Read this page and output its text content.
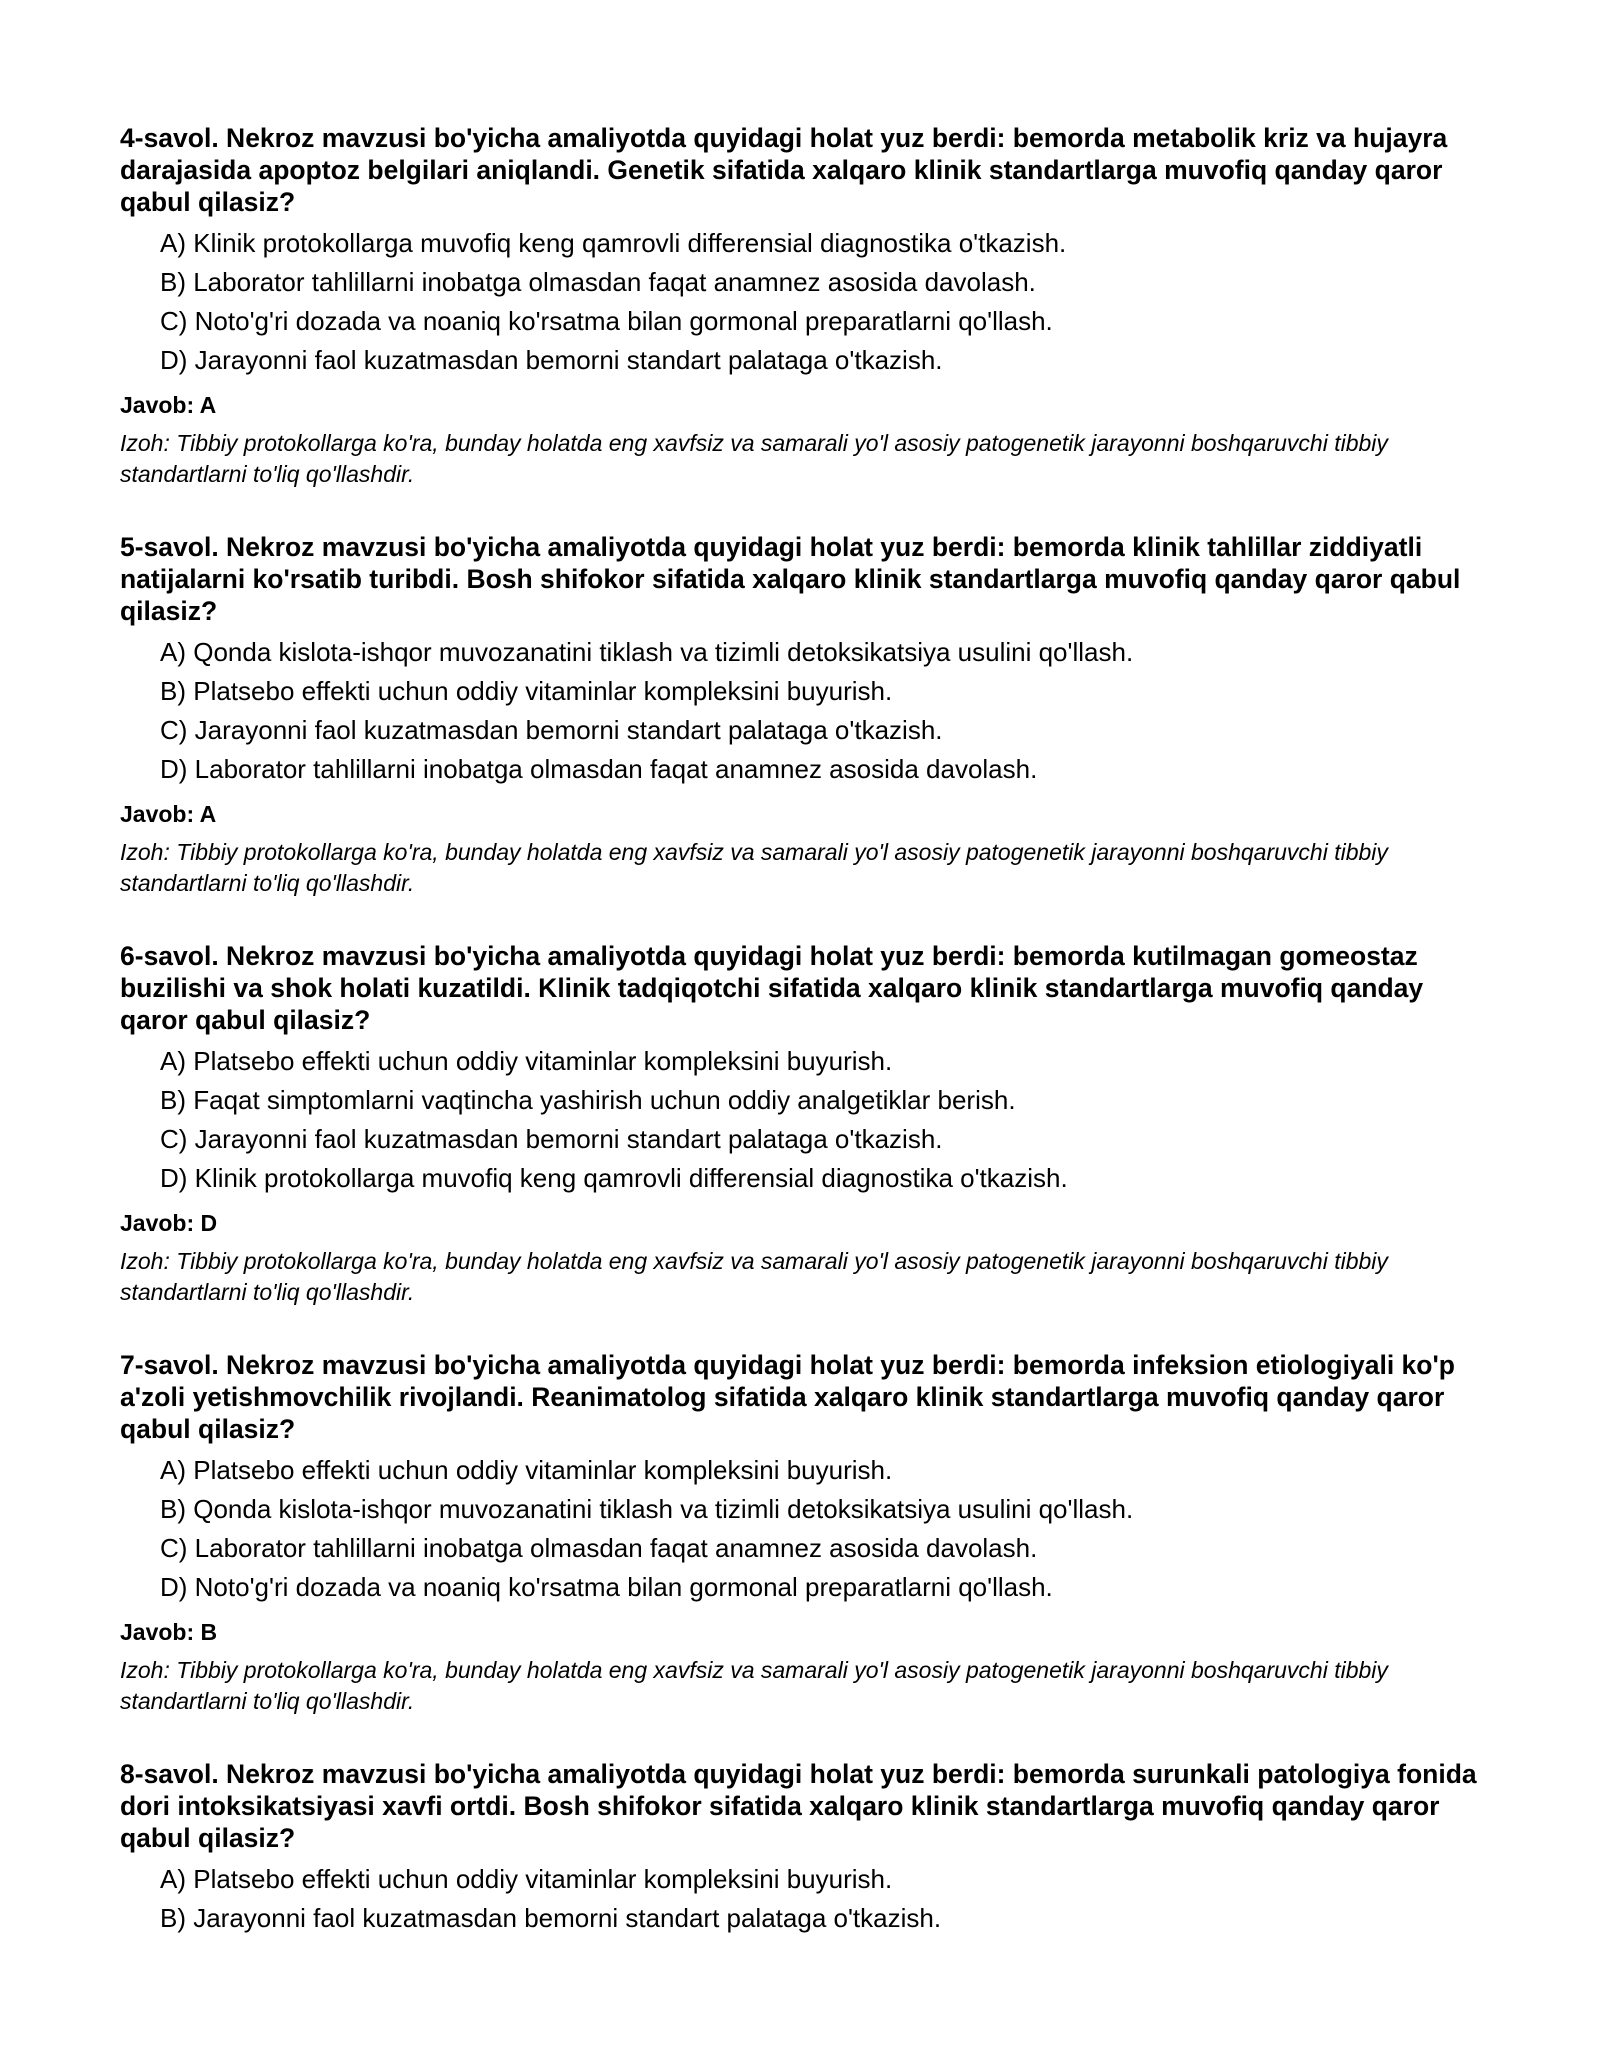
4-savol. Nekroz mavzusi bo'yicha amaliyotda quyidagi holat yuz berdi: bemorda metabolik kriz va hujayra darajasida apoptoz belgilari aniqlandi. Genetik sifatida xalqaro klinik standartlarga muvofiq qanday qaror qabul qilasiz?
A) Klinik protokollarga muvofiq keng qamrovli differensial diagnostika o'tkazish.
B) Laborator tahlillarni inobatga olmasdan faqat anamnez asosida davolash.
C) Noto'g'ri dozada va noaniq ko'rsatma bilan gormonal preparatlarni qo'llash.
D) Jarayonni faol kuzatmasdan bemorni standart palataga o'tkazish.
Javob: A
Izoh: Tibbiy protokollarga ko'ra, bunday holatda eng xavfsiz va samarali yo'l asosiy patogenetik jarayonni boshqaruvchi tibbiy standartlarni to'liq qo'llashdir.
5-savol. Nekroz mavzusi bo'yicha amaliyotda quyidagi holat yuz berdi: bemorda klinik tahlillar ziddiyatli natijalarni ko'rsatib turibdi. Bosh shifokor sifatida xalqaro klinik standartlarga muvofiq qanday qaror qabul qilasiz?
A) Qonda kislota-ishqor muvozanatini tiklash va tizimli detoksikatsiya usulini qo'llash.
B) Platsebo effekti uchun oddiy vitaminlar kompleksini buyurish.
C) Jarayonni faol kuzatmasdan bemorni standart palataga o'tkazish.
D) Laborator tahlillarni inobatga olmasdan faqat anamnez asosida davolash.
Javob: A
Izoh: Tibbiy protokollarga ko'ra, bunday holatda eng xavfsiz va samarali yo'l asosiy patogenetik jarayonni boshqaruvchi tibbiy standartlarni to'liq qo'llashdir.
6-savol. Nekroz mavzusi bo'yicha amaliyotda quyidagi holat yuz berdi: bemorda kutilmagan gomeostaz buzilishi va shok holati kuzatildi. Klinik tadqiqotchi sifatida xalqaro klinik standartlarga muvofiq qanday qaror qabul qilasiz?
A) Platsebo effekti uchun oddiy vitaminlar kompleksini buyurish.
B) Faqat simptomlarni vaqtincha yashirish uchun oddiy analgetiklar berish.
C) Jarayonni faol kuzatmasdan bemorni standart palataga o'tkazish.
D) Klinik protokollarga muvofiq keng qamrovli differensial diagnostika o'tkazish.
Javob: D
Izoh: Tibbiy protokollarga ko'ra, bunday holatda eng xavfsiz va samarali yo'l asosiy patogenetik jarayonni boshqaruvchi tibbiy standartlarni to'liq qo'llashdir.
7-savol. Nekroz mavzusi bo'yicha amaliyotda quyidagi holat yuz berdi: bemorda infeksion etiologiyali ko'p a'zoli yetishmovchilik rivojlandi. Reanimatolog sifatida xalqaro klinik standartlarga muvofiq qanday qaror qabul qilasiz?
A) Platsebo effekti uchun oddiy vitaminlar kompleksini buyurish.
B) Qonda kislota-ishqor muvozanatini tiklash va tizimli detoksikatsiya usulini qo'llash.
C) Laborator tahlillarni inobatga olmasdan faqat anamnez asosida davolash.
D) Noto'g'ri dozada va noaniq ko'rsatma bilan gormonal preparatlarni qo'llash.
Javob: B
Izoh: Tibbiy protokollarga ko'ra, bunday holatda eng xavfsiz va samarali yo'l asosiy patogenetik jarayonni boshqaruvchi tibbiy standartlarni to'liq qo'llashdir.
8-savol. Nekroz mavzusi bo'yicha amaliyotda quyidagi holat yuz berdi: bemorda surunkali patologiya fonida dori intoksikatsiyasi xavfi ortdi. Bosh shifokor sifatida xalqaro klinik standartlarga muvofiq qanday qaror qabul qilasiz?
A) Platsebo effekti uchun oddiy vitaminlar kompleksini buyurish.
B) Jarayonni faol kuzatmasdan bemorni standart palataga o'tkazish.
